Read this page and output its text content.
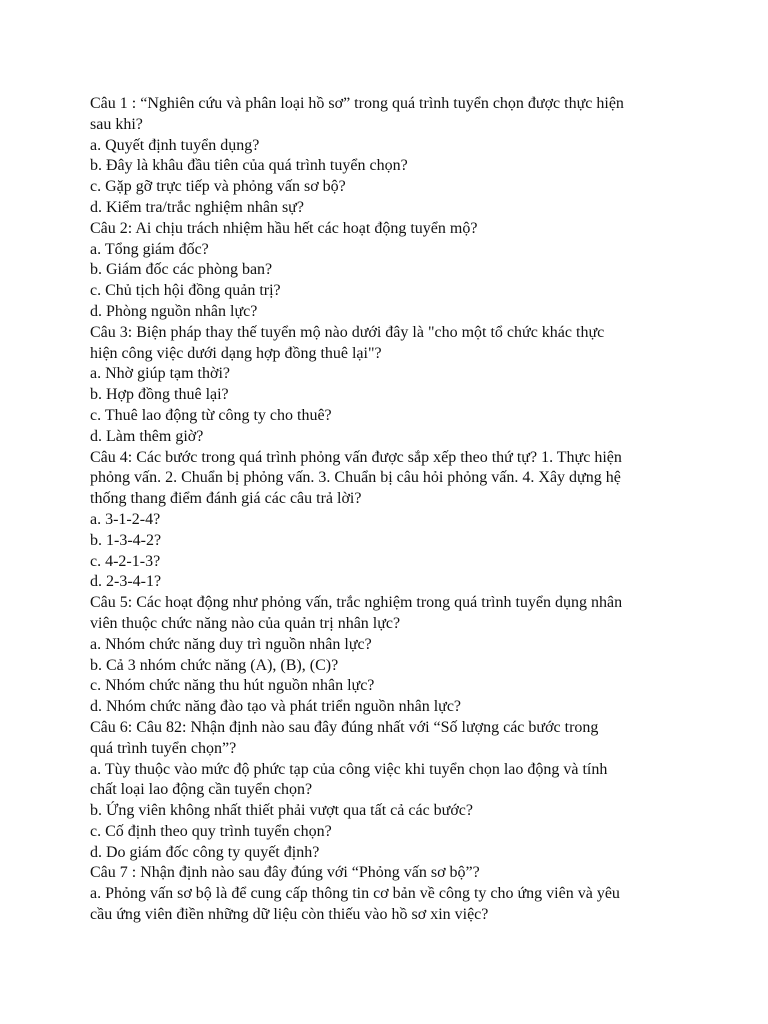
Câu 1 : “Nghiên cứu và phân loại hồ sơ” trong quá trình tuyển chọn được thực hiện
sau khi?
a. Quyết định tuyển dụng?
b. Đây là khâu đầu tiên của quá trình tuyển chọn?
c. Gặp gỡ trực tiếp và phỏng vấn sơ bộ?
d. Kiểm tra/trắc nghiệm nhân sự?
Câu 2: Ai chịu trách nhiệm hầu hết các hoạt động tuyển mộ?
a. Tổng giám đốc?
b. Giám đốc các phòng ban?
c. Chủ tịch hội đồng quản trị?
d. Phòng nguồn nhân lực?
Câu 3: Biện pháp thay thế tuyển mộ nào dưới đây là "cho một tổ chức khác thực
hiện công việc dưới dạng hợp đồng thuê lại"?
a. Nhờ giúp tạm thời?
b. Hợp đồng thuê lại?
c. Thuê lao động từ công ty cho thuê?
d. Làm thêm giờ?
Câu 4: Các bước trong quá trình phỏng vấn được sắp xếp theo thứ tự? 1. Thực hiện
phỏng vấn. 2. Chuẩn bị phỏng vấn. 3. Chuẩn bị câu hỏi phỏng vấn. 4. Xây dựng hệ
thống thang điểm đánh giá các câu trả lời?
a. 3-1-2-4?
b. 1-3-4-2?
c. 4-2-1-3?
d. 2-3-4-1?
Câu 5: Các hoạt động như phỏng vấn, trắc nghiệm trong quá trình tuyển dụng nhân
viên thuộc chức năng nào của quản trị nhân lực?
a. Nhóm chức năng duy trì nguồn nhân lực?
b. Cả 3 nhóm chức năng (A), (B), (C)?
c. Nhóm chức năng thu hút nguồn nhân lực?
d. Nhóm chức năng đào tạo và phát triển nguồn nhân lực?
Câu 6: Câu 82: Nhận định nào sau đây đúng nhất với “Số lượng các bước trong
quá trình tuyển chọn”?
a. Tùy thuộc vào mức độ phức tạp của công việc khi tuyển chọn lao động và tính
chất loại lao động cần tuyển chọn?
b. Ứng viên không nhất thiết phải vượt qua tất cả các bước?
c. Cố định theo quy trình tuyển chọn?
d. Do giám đốc công ty quyết định?
Câu 7 : Nhận định nào sau đây đúng với “Phỏng vấn sơ bộ”?
a. Phỏng vấn sơ bộ là để cung cấp thông tin cơ bản về công ty cho ứng viên và yêu
cầu ứng viên điền những dữ liệu còn thiếu vào hồ sơ xin việc?
